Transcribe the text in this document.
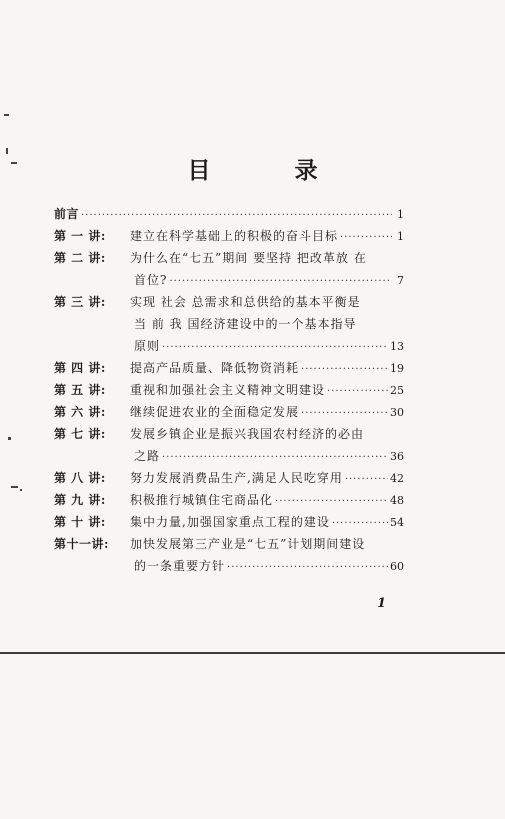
目 录
前言 ·····	1
第 一 讲:	建立在科学基础上的积极的奋斗目标 ·····	1
第 二 讲:	为什么在“七五”期间 要坚持 把改革放 在
首位? ·····	7
第 三 讲:	实现 社会 总需求和总供给的基本平衡是
当 前 我 国经济建设中的一个基本指导
原则 ·····	13
第 四 讲:	提高产品质量、降低物资消耗 ·····	19
第 五 讲:	重视和加强社会主义精神文明建设 ·····	25
第 六 讲:	继续促进农业的全面稳定发展 ·····	30
第 七 讲:	发展乡镇企业是振兴我国农村经济的必由
之路 ·····	36
第 八 讲:	努力发展消费品生产,满足人民吃穿用 ·····	42
第 九 讲:	积极推行城镇住宅商品化 ·····	48
第 十 讲:	集中力量,加强国家重点工程的建设 ·····	54
第十一讲:	加快发展第三产业是“七五”计划期间建设
的一条重要方针 ·····	60
1
